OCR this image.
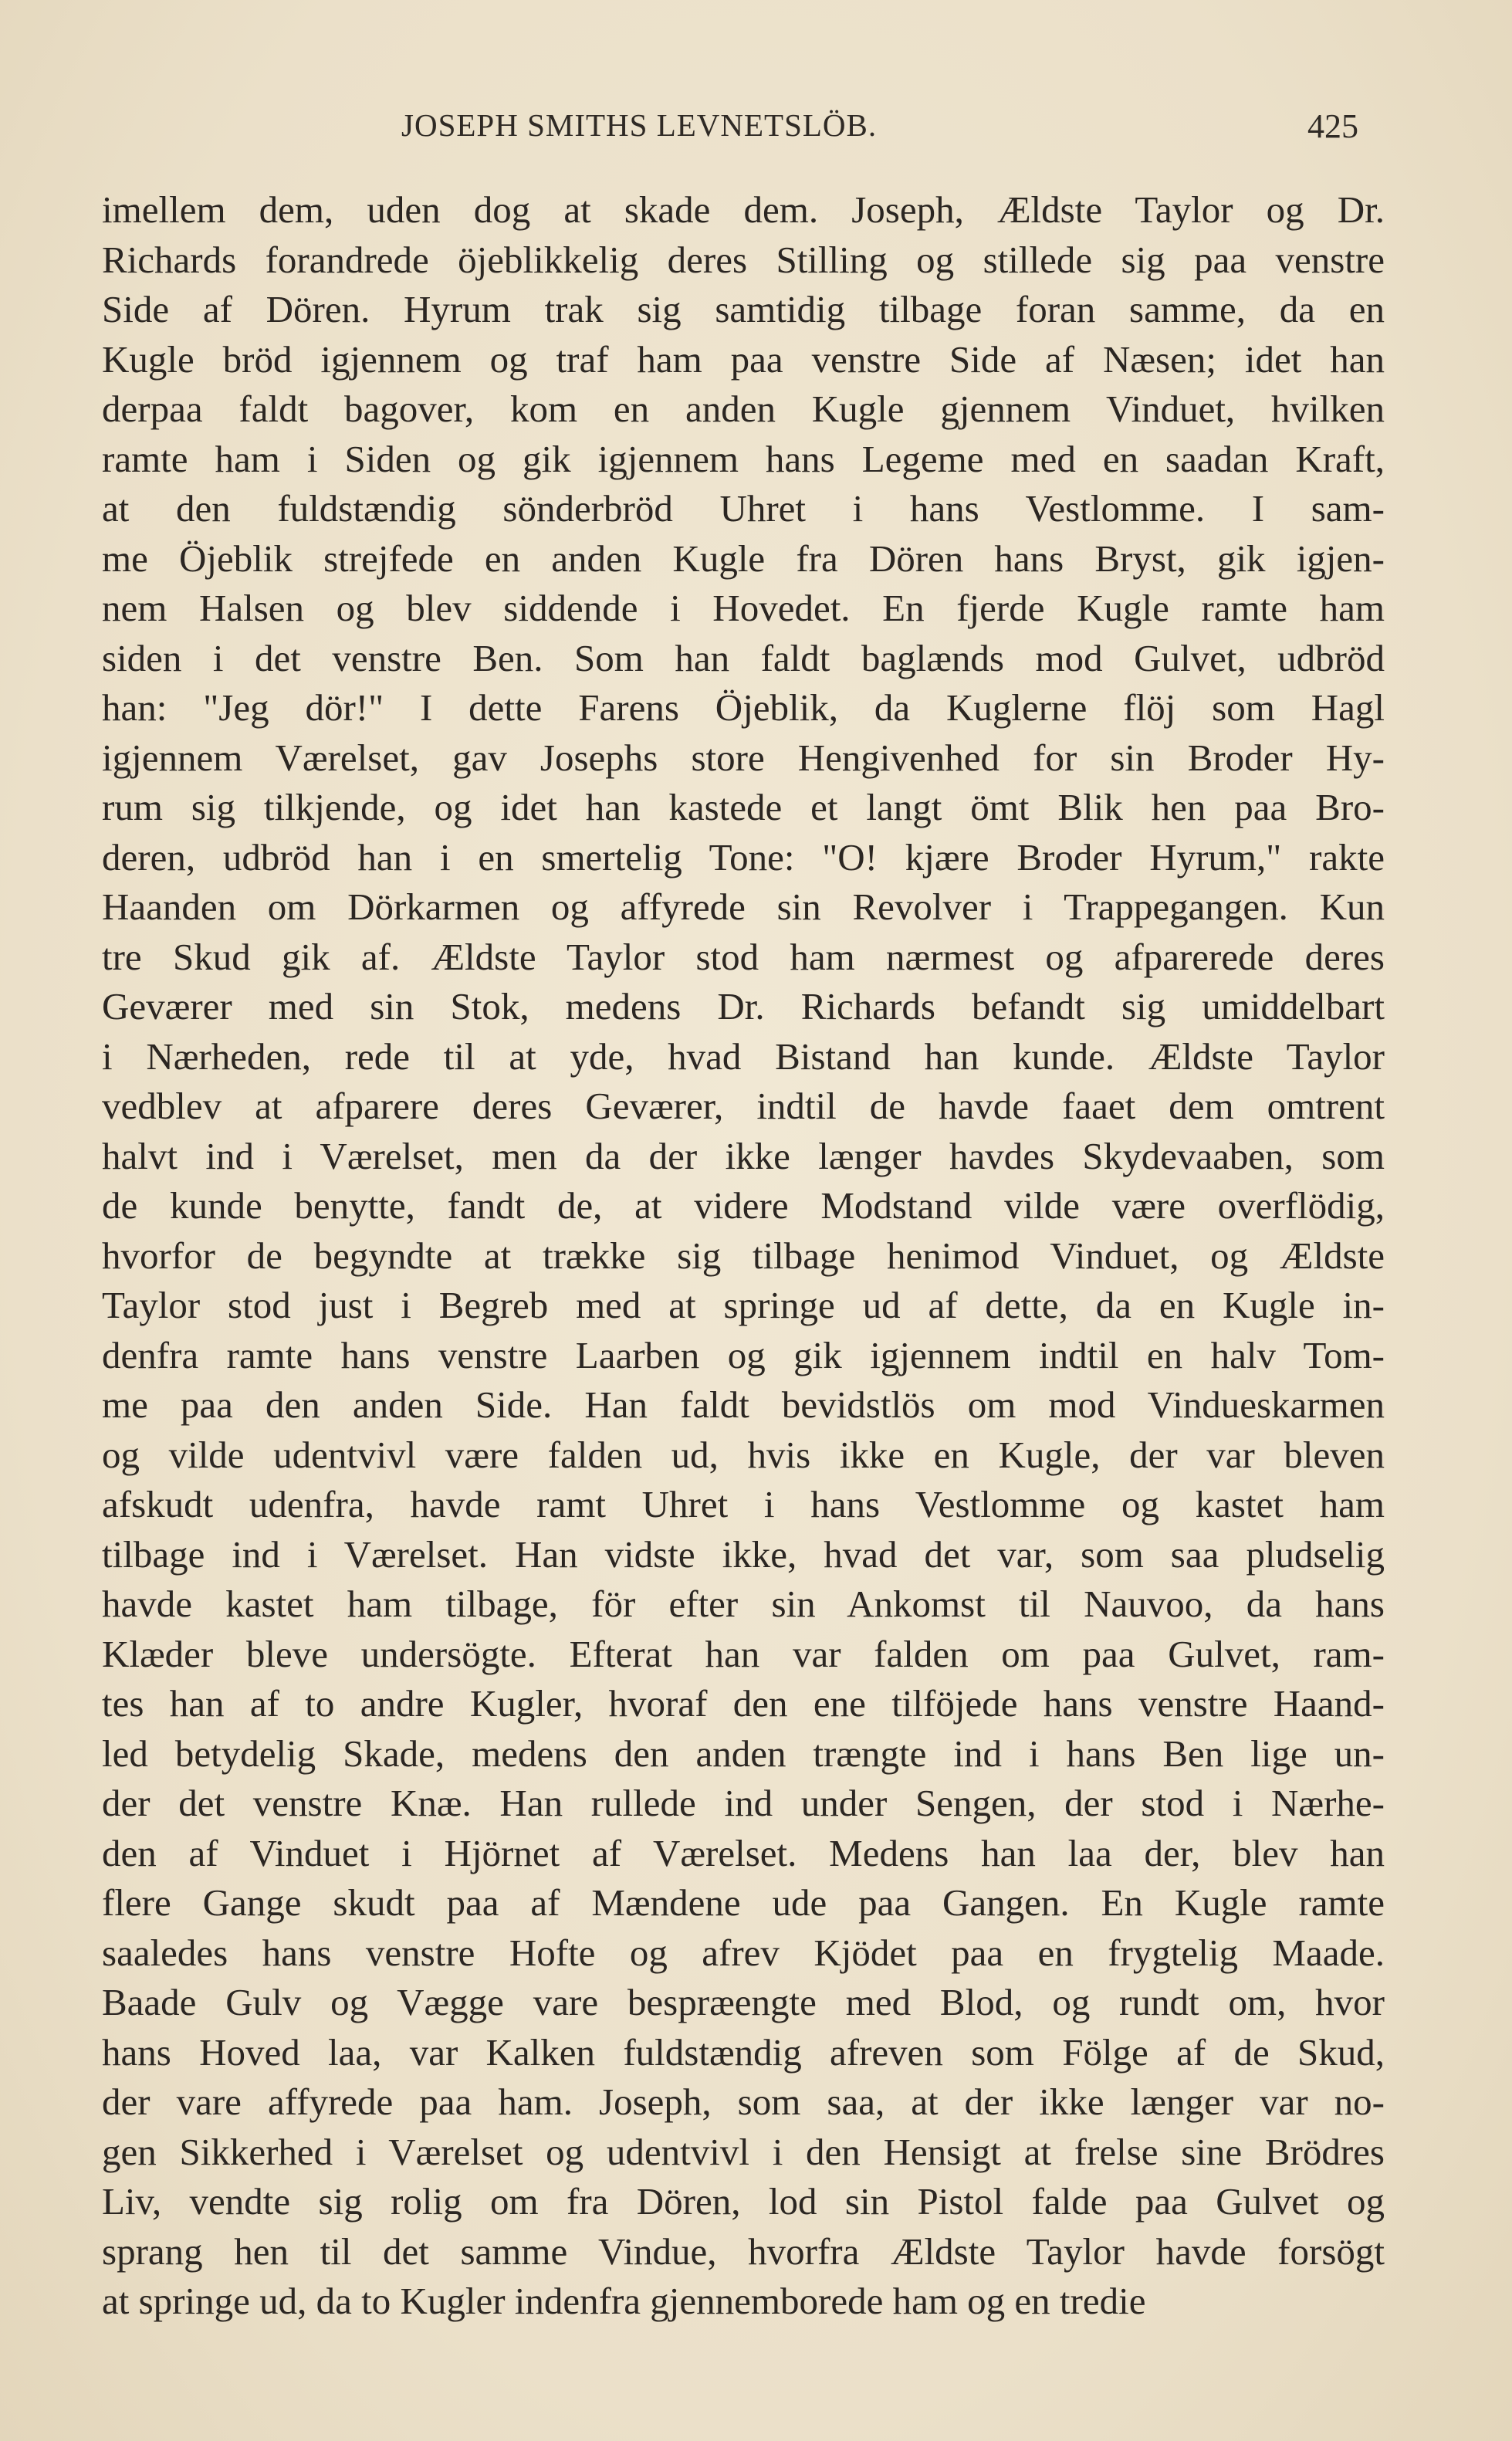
JOSEPH SMITHS LEVNETSLÖB.	425
imellem dem, uden dog at skade dem. Joseph, Ældste Taylor og Dr.
Richards forandrede öjeblikkelig deres Stilling og stillede sig paa venstre
Side af Dören. Hyrum trak sig samtidig tilbage foran samme, da en
Kugle bröd igjennem og traf ham paa venstre Side af Næsen; idet han
derpaa faldt bagover, kom en anden Kugle gjennem Vinduet, hvilken
ramte ham i Siden og gik igjennem hans Legeme med en saadan Kraft,
at den fuldstændig sönderbröd Uhret i hans Vestlomme. I sam-
me Öjeblik strejfede en anden Kugle fra Dören hans Bryst, gik igjen-
nem Halsen og blev siddende i Hovedet. En fjerde Kugle ramte ham
siden i det venstre Ben. Som han faldt baglænds mod Gulvet, udbröd
han: "Jeg dör!" I dette Farens Öjeblik, da Kuglerne flöj som Hagl
igjennem Værelset, gav Josephs store Hengivenhed for sin Broder Hy-
rum sig tilkjende, og idet han kastede et langt ömt Blik hen paa Bro-
deren, udbröd han i en smertelig Tone: "O! kjære Broder Hyrum," rakte
Haanden om Dörkarmen og affyrede sin Revolver i Trappegangen. Kun
tre Skud gik af. Ældste Taylor stod ham nærmest og afparerede deres
Geværer med sin Stok, medens Dr. Richards befandt sig umiddelbart
i Nærheden, rede til at yde, hvad Bistand han kunde. Ældste Taylor
vedblev at afparere deres Geværer, indtil de havde faaet dem omtrent
halvt ind i Værelset, men da der ikke længer havdes Skydevaaben, som
de kunde benytte, fandt de, at videre Modstand vilde være overflödig,
hvorfor de begyndte at trække sig tilbage henimod Vinduet, og Ældste
Taylor stod just i Begreb med at springe ud af dette, da en Kugle in-
denfra ramte hans venstre Laarben og gik igjennem indtil en halv Tom-
me paa den anden Side. Han faldt bevidstlös om mod Vindueskarmen
og vilde udentvivl være falden ud, hvis ikke en Kugle, der var bleven
afskudt udenfra, havde ramt Uhret i hans Vestlomme og kastet ham
tilbage ind i Værelset. Han vidste ikke, hvad det var, som saa pludselig
havde kastet ham tilbage, för efter sin Ankomst til Nauvoo, da hans
Klæder bleve undersögte. Efterat han var falden om paa Gulvet, ram-
tes han af to andre Kugler, hvoraf den ene tilföjede hans venstre Haand-
led betydelig Skade, medens den anden trængte ind i hans Ben lige un-
der det venstre Knæ. Han rullede ind under Sengen, der stod i Nærhe-
den af Vinduet i Hjörnet af Værelset. Medens han laa der, blev han
flere Gange skudt paa af Mændene ude paa Gangen. En Kugle ramte
saaledes hans venstre Hofte og afrev Kjödet paa en frygtelig Maade.
Baade Gulv og Vægge vare bespræengte med Blod, og rundt om, hvor
hans Hoved laa, var Kalken fuldstændig afreven som Fölge af de Skud,
der vare affyrede paa ham. Joseph, som saa, at der ikke længer var no-
gen Sikkerhed i Værelset og udentvivl i den Hensigt at frelse sine Brödres
Liv, vendte sig rolig om fra Dören, lod sin Pistol falde paa Gulvet og
sprang hen til det samme Vindue, hvorfra Ældste Taylor havde forsögt
at springe ud, da to Kugler indenfra gjennemborede ham og en tredie
